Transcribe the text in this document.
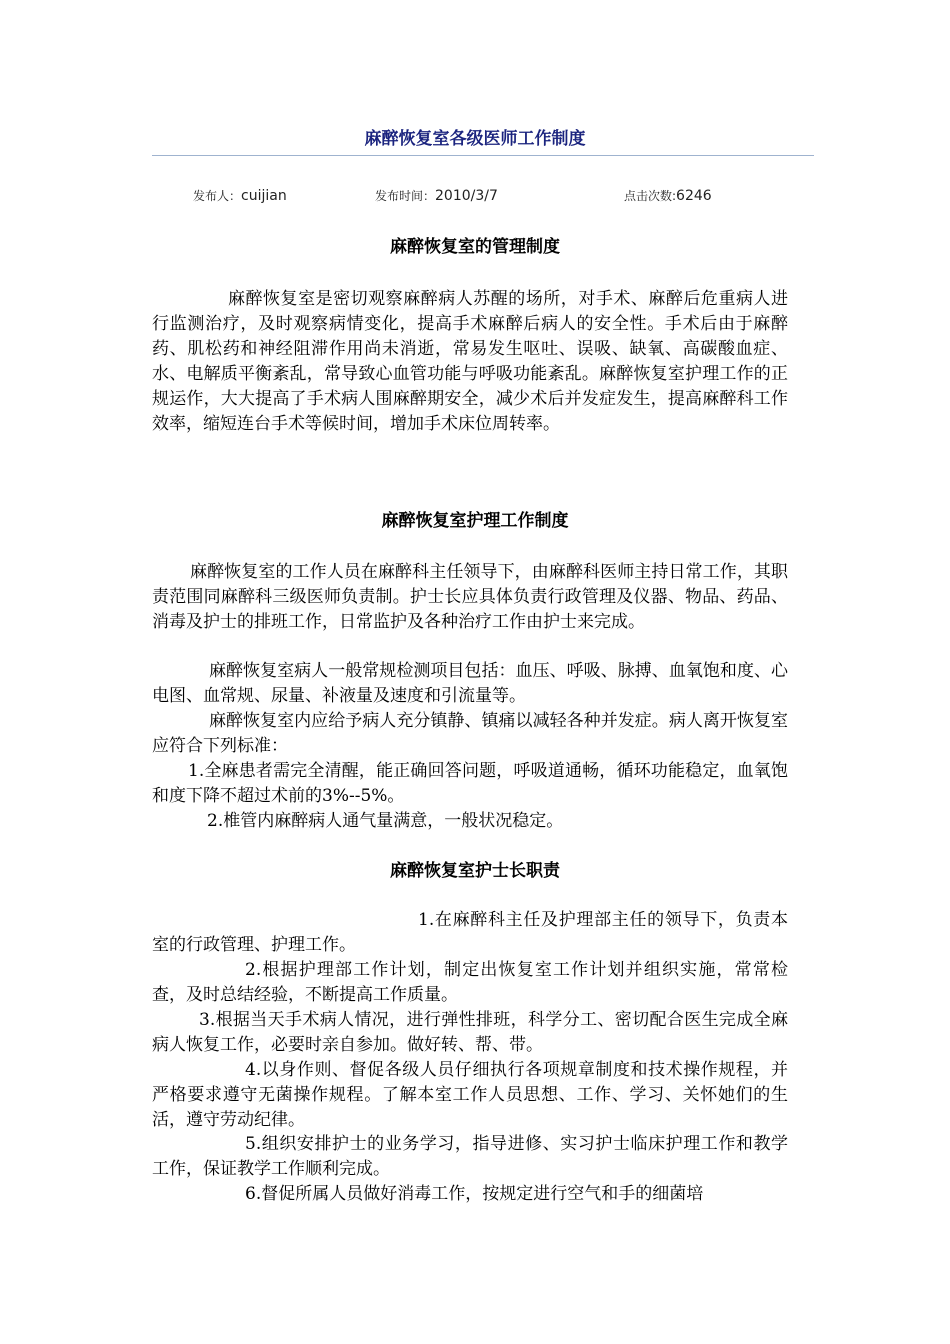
麻醉恢复室各级医师工作制度
发布人：cuijian	发布时间：2010/3/7	点击次数:6246
麻醉恢复室的管理制度

麻醉恢复室是密切观察麻醉病人苏醒的场所，对手术、麻醉后危重病人进行监测治疗，及时观察病情变化，提高手术麻醉后病人的安全性。手术后由于麻醉药、肌松药和神经阻滞作用尚未消逝，常易发生呕吐、误吸、缺氧、高碳酸血症、水、电解质平衡紊乱，常导致心血管功能与呼吸功能紊乱。麻醉恢复室护理工作的正规运作，大大提高了手术病人围麻醉期安全，减少术后并发症发生，提高麻醉科工作效率，缩短连台手术等候时间，增加手术床位周转率。

麻醉恢复室护理工作制度

麻醉恢复室的工作人员在麻醉科主任领导下，由麻醉科医师主持日常工作，其职责范围同麻醉科三级医师负责制。护士长应具体负责行政管理及仪器、物品、药品、消毒及护士的排班工作，日常监护及各种治疗工作由护士来完成。

麻醉恢复室病人一般常规检测项目包括：血压、呼吸、脉搏、血氧饱和度、心电图、血常规、尿量、补液量及速度和引流量等。

麻醉恢复室内应给予病人充分镇静、镇痛以减轻各种并发症。病人离开恢复室应符合下列标准：

1.全麻患者需完全清醒，能正确回答问题，呼吸道通畅，循环功能稳定，血氧饱和度下降不超过术前的3%--5%。

2.椎管内麻醉病人通气量满意，一般状况稳定。

麻醉恢复室护士长职责

1.在麻醉科主任及护理部主任的领导下，负责本室的行政管理、护理工作。

2.根据护理部工作计划，制定出恢复室工作计划并组织实施，常常检查，及时总结经验，不断提高工作质量。

3.根据当天手术病人情况，进行弹性排班，科学分工、密切配合医生完成全麻病人恢复工作，必要时亲自参加。做好转、帮、带。

4.以身作则、督促各级人员仔细执行各项规章制度和技术操作规程，并严格要求遵守无菌操作规程。了解本室工作人员思想、工作、学习、关怀她们的生活，遵守劳动纪律。

5.组织安排护士的业务学习，指导进修、实习护士临床护理工作和教学工作，保证教学工作顺利完成。

6.督促所属人员做好消毒工作，按规定进行空气和手的细菌培
